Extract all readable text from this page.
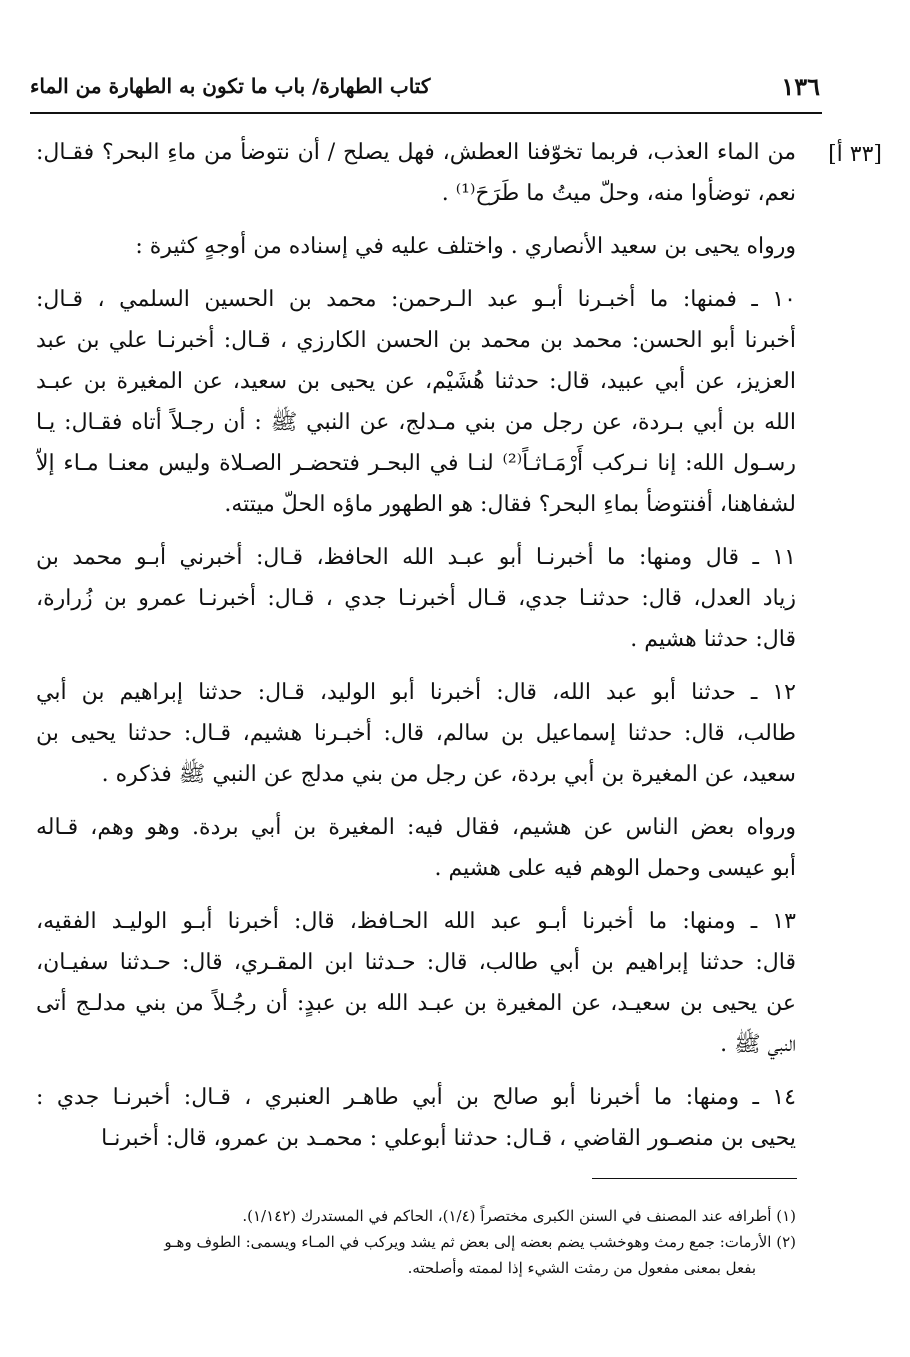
١٣٦
كتاب الطهارة/ باب ما تكون به الطهارة من الماء
[٣٣ أ]
من الماء العذب، فربما تخوّفنا العطش، فهل يصلح / أن نتوضأ من ماءِ البحر؟ فقـال:
نعم، توضأوا منه، وحلّ ميتُ ما طَرَحَ⁽¹⁾ .
ورواه يحيى بن سعيد الأنصاري . واختلف عليه في إسناده من أوجهٍ كثيرة :
١٠ ـ فمنها: ما أخبـرنا أبـو عبد الـرحمن: محمد بن الحسين السلمي ، قـال:
أخبرنا أبو الحسن: محمد بن محمد بن الحسن الكارزي ، قـال: أخبرنـا علي بن عبد
العزيز، عن أبي عبيد، قال: حدثنا هُشَيْم، عن يحيى بن سعيد، عن المغيرة بن عبـد
الله بن أبي بـردة، عن رجل من بني مـدلج، عن النبي ﷺ : أن رجـلاً أتاه فقـال: يـا
رسـول الله: إنا نـركب أَرْمَـاثـاً⁽²⁾ لنـا في البحـر فتحضـر الصـلاة وليس معنـا مـاء إلاّ
لشفاهنا، أفنتوضأ بماءِ البحر؟ فقال: هو الطهور ماؤه الحلّ ميتته.
١١ ـ قال ومنها: ما أخبرنـا أبو عبـد الله الحافظ، قـال: أخبرني أبـو محمد بن
زياد العدل، قال: حدثنـا جدي، قـال أخبرنـا جدي ، قـال: أخبرنـا عمرو بن زُرارة،
قال: حدثنا هشيم .
١٢ ـ حدثنا أبو عبد الله، قال: أخبرنا أبو الوليد، قـال: حدثنا إبراهيم بن أبي
طالب، قال: حدثنا إسماعيل بن سالم، قال: أخبـرنا هشيم، قـال: حدثنا يحيى بن
سعيد، عن المغيرة بن أبي بردة، عن رجل من بني مدلج عن النبي ﷺ فذكره .
ورواه بعض الناس عن هشيم، فقال فيه: المغيرة بن أبي بردة. وهو وهم، قـاله
أبو عيسى وحمل الوهم فيه على هشيم .
١٣ ـ ومنها: ما أخبرنا أبـو عبد الله الحـافظ، قال: أخبرنا أبـو الوليـد الفقيه،
قال: حدثنا إبراهيم بن أبي طالب، قال: حـدثنا ابن المقـري، قال: حـدثنا سفيـان،
عن يحيى بن سعيـد، عن المغيرة بن عبـد الله بن عبدٍ: أن رجُـلاً من بني مدلـج أتى
النبي ﷺ .
١٤ ـ ومنها: ما أخبرنا أبو صالح بن أبي طاهـر العنبري ، قـال: أخبرنـا جدي :
يحيى بن منصـور القاضي ، قـال: حدثنا أبوعلي : محمـد بن عمرو، قال: أخبرنـا
(١) أطرافه عند المصنف في السنن الكبرى مختصراً (١/٤)، الحاكم في المستدرك (١/١٤٢).
(٢) الأرمات: جمع رمث وهوخشب يضم بعضه إلى بعض ثم يشد ويركب في المـاء ويسمى: الطوف وهـو
بفعل بمعنى مفعول من رمثت الشيء إذا لممته وأصلحته.
